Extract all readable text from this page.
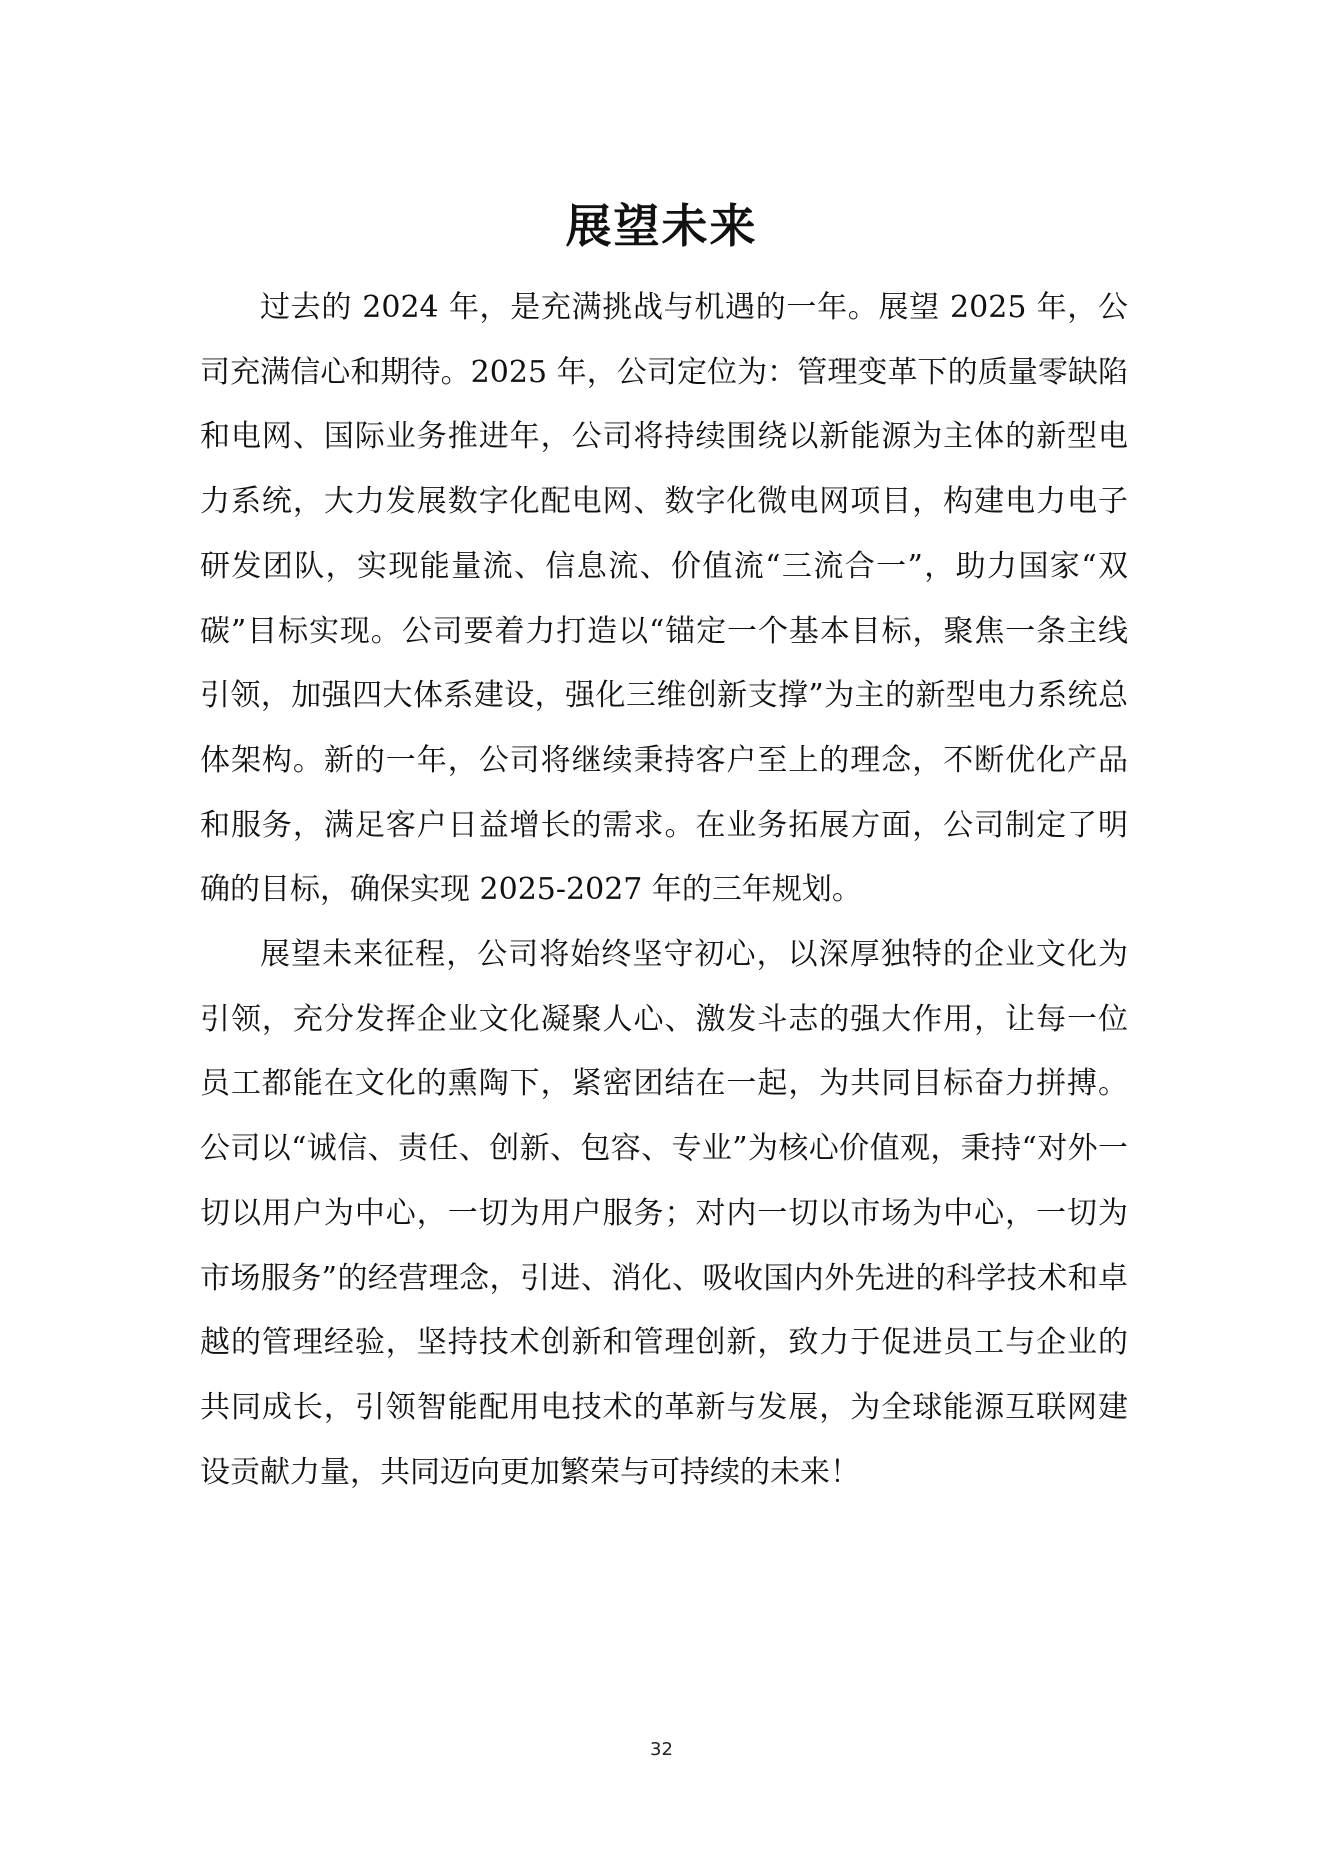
展望未来

过去的 2024 年，是充满挑战与机遇的一年。展望 2025 年，公司充满信心和期待。2025 年，公司定位为：管理变革下的质量零缺陷和电网、国际业务推进年，公司将持续围绕以新能源为主体的新型电力系统，大力发展数字化配电网、数字化微电网项目，构建电力电子研发团队，实现能量流、信息流、价值流“三流合一”，助力国家“双碳”目标实现。公司要着力打造以“锚定一个基本目标，聚焦一条主线引领，加强四大体系建设，强化三维创新支撑”为主的新型电力系统总体架构。新的一年，公司将继续秉持客户至上的理念，不断优化产品和服务，满足客户日益增长的需求。在业务拓展方面，公司制定了明确的目标，确保实现 2025-2027 年的三年规划。

展望未来征程，公司将始终坚守初心，以深厚独特的企业文化为引领，充分发挥企业文化凝聚人心、激发斗志的强大作用，让每一位员工都能在文化的熏陶下，紧密团结在一起，为共同目标奋力拼搏。公司以“诚信、责任、创新、包容、专业”为核心价值观，秉持“对外一切以用户为中心，一切为用户服务；对内一切以市场为中心，一切为市场服务”的经营理念，引进、消化、吸收国内外先进的科学技术和卓越的管理经验，坚持技术创新和管理创新，致力于促进员工与企业的共同成长，引领智能配用电技术的革新与发展，为全球能源互联网建设贡献力量，共同迈向更加繁荣与可持续的未来！

32
